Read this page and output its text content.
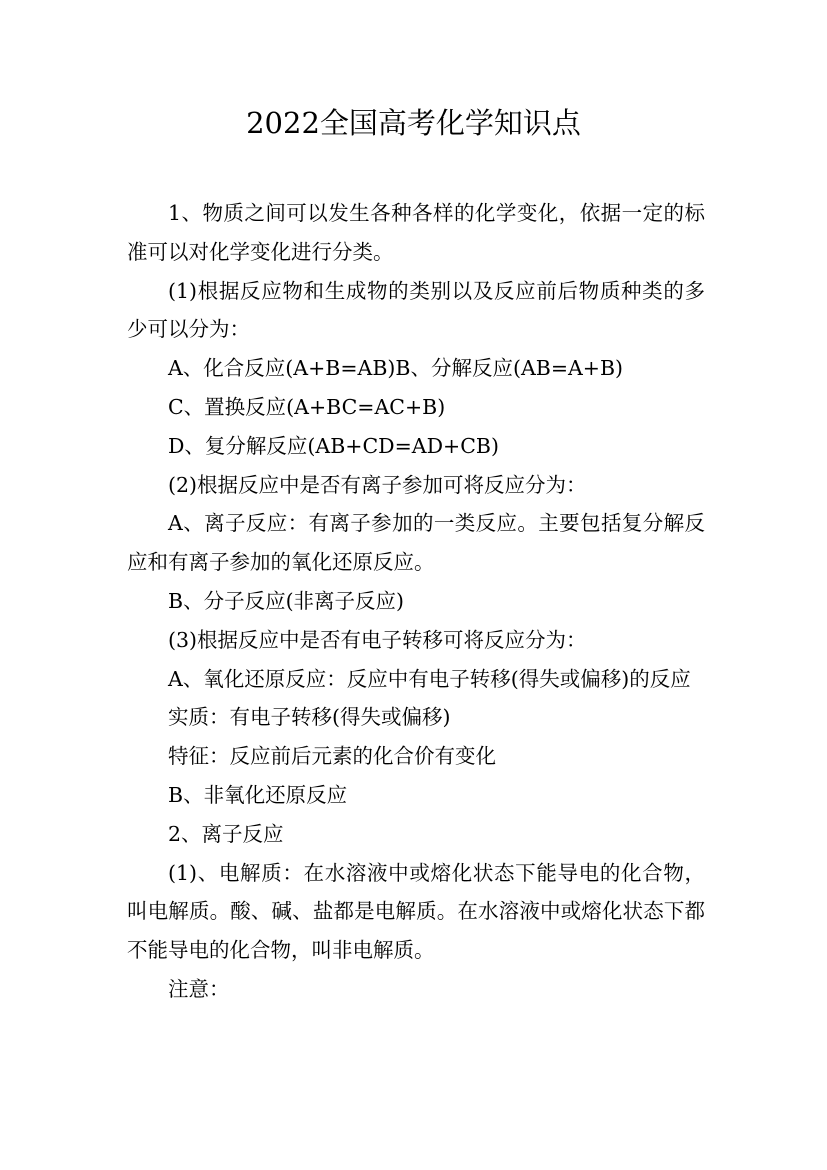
2022全国高考化学知识点

1、物质之间可以发生各种各样的化学变化，依据一定的标准可以对化学变化进行分类。

(1)根据反应物和生成物的类别以及反应前后物质种类的多少可以分为：

A、化合反应(A+B=AB)B、分解反应(AB=A+B)

C、置换反应(A+BC=AC+B)

D、复分解反应(AB+CD=AD+CB)

(2)根据反应中是否有离子参加可将反应分为：

A、离子反应：有离子参加的一类反应。主要包括复分解反应和有离子参加的氧化还原反应。

B、分子反应(非离子反应)

(3)根据反应中是否有电子转移可将反应分为：

A、氧化还原反应：反应中有电子转移(得失或偏移)的反应

实质：有电子转移(得失或偏移)

特征：反应前后元素的化合价有变化

B、非氧化还原反应

2、离子反应

(1)、电解质：在水溶液中或熔化状态下能导电的化合物，叫电解质。酸、碱、盐都是电解质。在水溶液中或熔化状态下都不能导电的化合物，叫非电解质。

注意：
